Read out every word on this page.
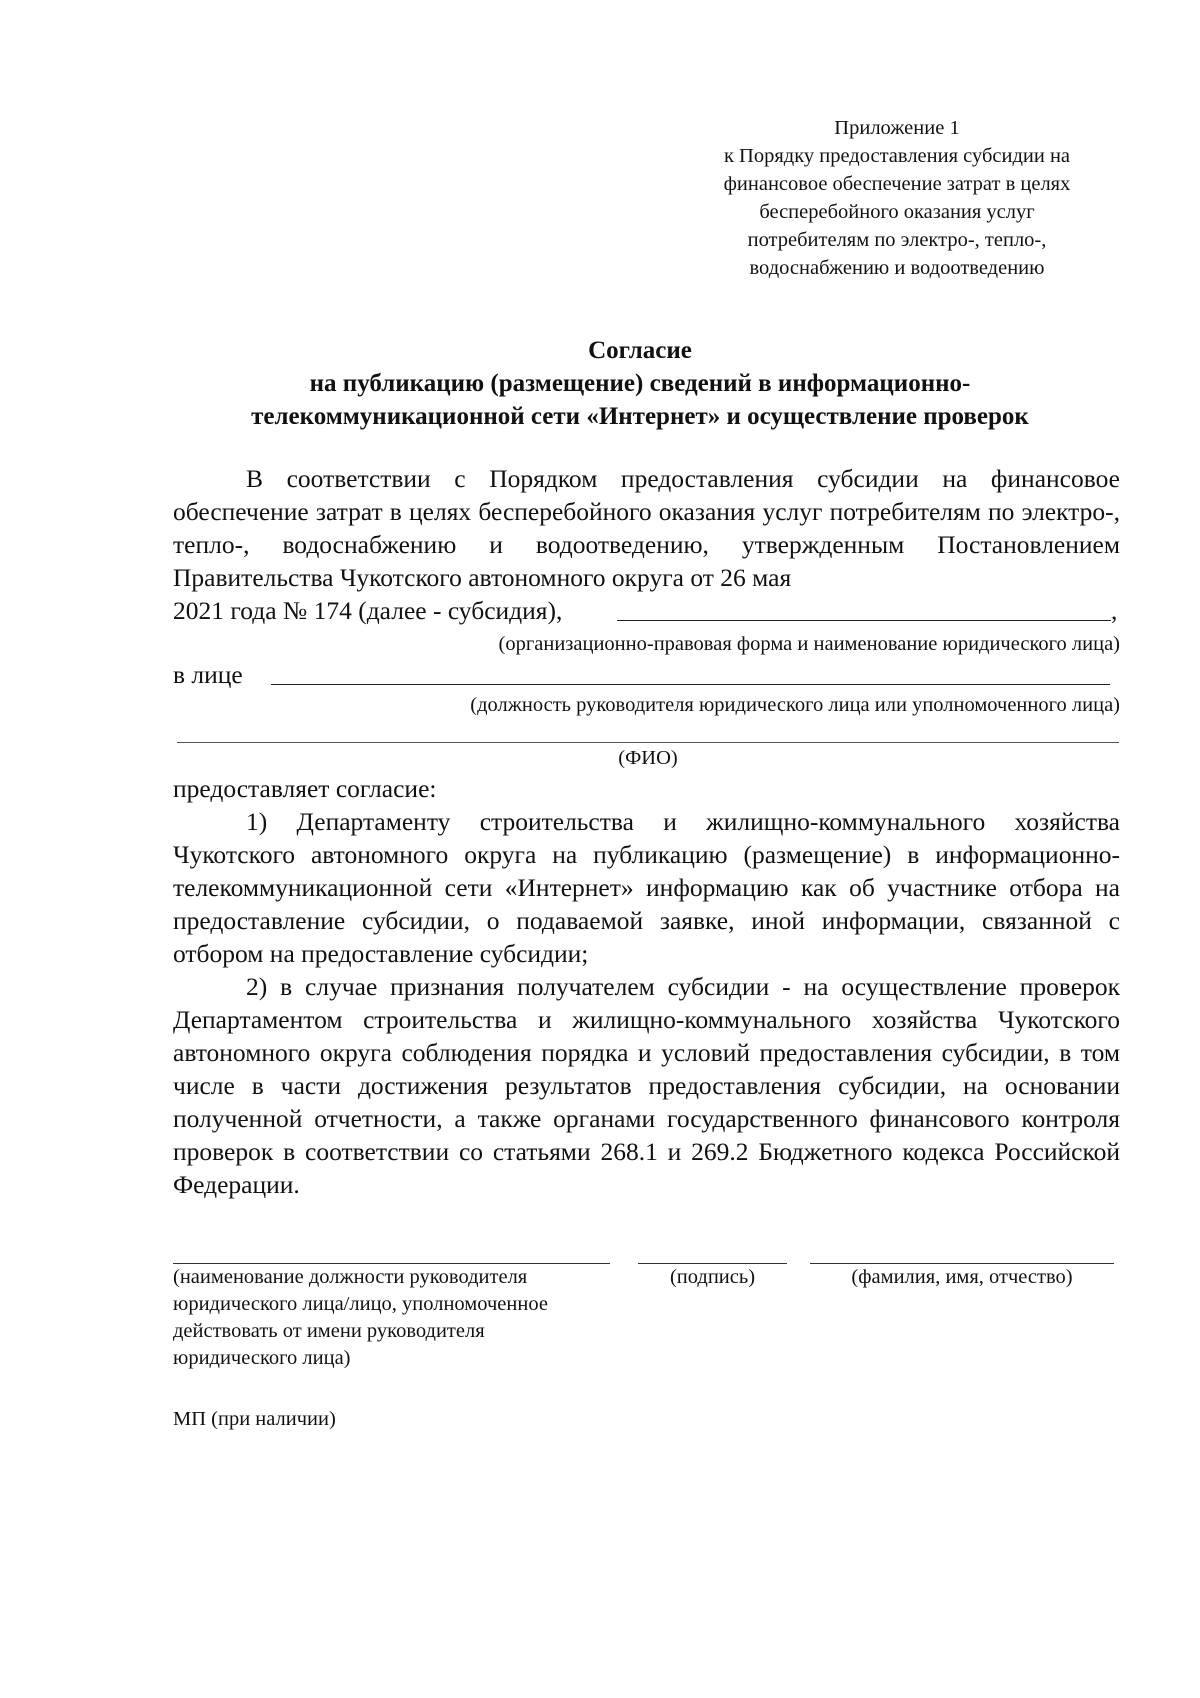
Приложение 1
к Порядку предоставления субсидии на
финансовое обеспечение затрат в целях
бесперебойного оказания услуг
потребителям по электро-, тепло-,
водоснабжению и водоотведению
Согласие
на публикацию (размещение) сведений в информационно-
телекоммуникационной сети «Интернет» и осуществление проверок
В соответствии с Порядком предоставления субсидии на финансовое обеспечение затрат в целях бесперебойного оказания услуг потребителям по электро-, тепло-, водоснабжению и водоотведению, утвержденным Постановлением Правительства Чукотского автономного округа от 26 мая
2021 года № 174 (далее - субсидия),	,
(организационно-правовая форма и наименование юридического лица)
в лице
(должность руководителя юридического лица или уполномоченного лица)
(ФИО)
предоставляет согласие:
1) Департаменту строительства и жилищно-коммунального хозяйства Чукотского автономного округа на публикацию (размещение) в информационно-телекоммуникационной сети «Интернет» информацию как об участнике отбора на предоставление субсидии, о подаваемой заявке, иной информации, связанной с отбором на предоставление субсидии;
2) в случае признания получателем субсидии - на осуществление проверок Департаментом строительства и жилищно-коммунального хозяйства Чукотского автономного округа соблюдения порядка и условий предоставления субсидии, в том числе в части достижения результатов предоставления субсидии, на основании полученной отчетности, а также органами государственного финансового контроля проверок в соответствии со статьями 268.1 и 269.2 Бюджетного кодекса Российской Федерации.
(наименование должности руководителя
юридического лица/лицо, уполномоченное
действовать от имени руководителя
юридического лица)
(подпись)	(фамилия, имя, отчество)
МП (при наличии)
